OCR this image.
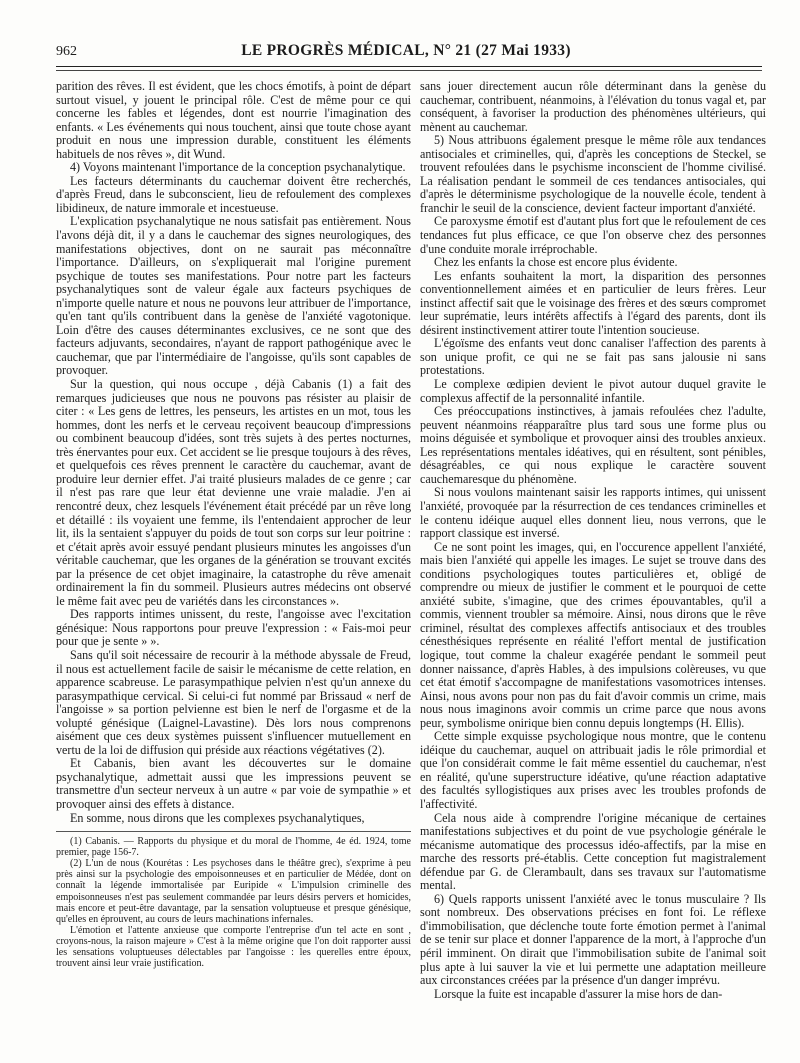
962	LE PROGRÈS MÉDICAL, N° 21 (27 Mai 1933)

parition des rêves. Il est évident, que les chocs émotifs, à point de départ surtout visuel, y jouent le principal rôle. C'est de même pour ce qui concerne les fables et légendes, dont est nourrie l'imagination des enfants. « Les événements qui nous touchent, ainsi que toute chose ayant produit en nous une impression durable, constituent les éléments habituels de nos rêves », dit Wund.

4) Voyons maintenant l'importance de la conception psychanalytique.

Les facteurs déterminants du cauchemar doivent être recherchés, d'après Freud, dans le subconscient, lieu de refoulement des complexes libidineux, de nature immorale et incestueuse.

L'explication psychanalytique ne nous satisfait pas entièrement. Nous l'avons déjà dit, il y a dans le cauchemar des signes neurologiques, des manifestations objectives, dont on ne saurait pas méconnaître l'importance. D'ailleurs, on s'expliquerait mal l'origine purement psychique de toutes ses manifestations. Pour notre part les facteurs psychanalytiques sont de valeur égale aux facteurs psychiques de n'importe quelle nature et nous ne pouvons leur attribuer de l'importance, qu'en tant qu'ils contribuent dans la genèse de l'anxiété vagotonique. Loin d'être des causes déterminantes exclusives, ce ne sont que des facteurs adjuvants, secondaires, n'ayant de rapport pathogénique avec le cauchemar, que par l'intermédiaire de l'angoisse, qu'ils sont capables de provoquer.

Sur la question, qui nous occupe , déjà Cabanis (1) a fait des remarques judicieuses que nous ne pouvons pas résister au plaisir de citer : « Les gens de lettres, les penseurs, les artistes en un mot, tous les hommes, dont les nerfs et le cerveau reçoivent beaucoup d'impressions ou combinent beaucoup d'idées, sont très sujets à des pertes nocturnes, très énervantes pour eux. Cet accident se lie presque toujours à des rêves, et quelquefois ces rêves prennent le caractère du cauchemar, avant de produire leur dernier effet. J'ai traité plusieurs malades de ce genre ; car il n'est pas rare que leur état devienne une vraie maladie. J'en ai rencontré deux, chez lesquels l'événement était précédé par un rêve long et détaillé : ils voyaient une femme, ils l'entendaient approcher de leur lit, ils la sentaient s'appuyer du poids de tout son corps sur leur poitrine : et c'était après avoir essuyé pendant plusieurs minutes les angoisses d'un véritable cauchemar, que les organes de la génération se trouvant excités par la présence de cet objet imaginaire, la catastrophe du rêve amenait ordinairement la fin du sommeil. Plusieurs autres médecins ont observé le même fait avec peu de variétés dans les circonstances ».

Des rapports intimes unissent, du reste, l'angoisse avec l'excitation génésique: Nous rapportons pour preuve l'expression : « Fais-moi peur pour que je sente » ».

Sans qu'il soit nécessaire de recourir à la méthode abyssale de Freud, il nous est actuellement facile de saisir le mécanisme de cette relation, en apparence scabreuse. Le parasympathique pelvien n'est qu'un annexe du parasympathique cervical. Si celui-ci fut nommé par Brissaud « nerf de l'angoisse » sa portion pelvienne est bien le nerf de l'orgasme et de la volupté génésique (Laignel-Lavastine). Dès lors nous comprenons aisément que ces deux systèmes puissent s'influencer mutuellement en vertu de la loi de diffusion qui préside aux réactions végétatives (2).

Et Cabanis, bien avant les découvertes sur le domaine psychanalytique, admettait aussi que les impressions peuvent se transmettre d'un secteur nerveux à un autre « par voie de sympathie » et provoquer ainsi des effets à distance.

En somme, nous dirons que les complexes psychanalytiques,

(1) Cabanis. — Rapports du physique et du moral de l'homme, 4e éd. 1924, tome premier, page 156-7.

(2) L'un de nous (Kourétas : Les psychoses dans le théâtre grec), s'exprime à peu près ainsi sur la psychologie des empoisonneuses et en particulier de Médée, dont on connaît la légende immortalisée par Euripide « L'impulsion criminelle des empoisonneuses n'est pas seulement commandée par leurs désirs pervers et homicides, mais encore et peut-être davantage, par la sensation voluptueuse et presque génésique, qu'elles en éprouvent, au cours de leurs machinations infernales.

L'émotion et l'attente anxieuse que comporte l'entreprise d'un tel acte en sont , croyons-nous, la raison majeure » C'est à la même origine que l'on doit rapporter aussi les sensations voluptueuses délectables par l'angoisse : les querelles entre époux, trouvent ainsi leur vraie justification.

sans jouer directement aucun rôle déterminant dans la genèse du cauchemar, contribuent, néanmoins, à l'élévation du tonus vagal et, par conséquent, à favoriser la production des phénomènes ultérieurs, qui mènent au cauchemar.

5) Nous attribuons également presque le même rôle aux tendances antisociales et criminelles, qui, d'après les conceptions de Steckel, se trouvent refoulées dans le psychisme inconscient de l'homme civilisé. La réalisation pendant le sommeil de ces tendances antisociales, qui d'après le déterminisme psychologique de la nouvelle école, tendent à franchir le seuil de la conscience, devient facteur important d'anxiété.

Ce paroxysme émotif est d'autant plus fort que le refoulement de ces tendances fut plus efficace, ce que l'on observe chez des personnes d'une conduite morale irréprochable.

Chez les enfants la chose est encore plus évidente.

Les enfants souhaitent la mort, la disparition des personnes conventionnellement aimées et en particulier de leurs frères. Leur instinct affectif sait que le voisinage des frères et des sœurs compromet leur suprématie, leurs intérêts affectifs à l'égard des parents, dont ils désirent instinctivement attirer toute l'intention soucieuse.

L'égoïsme des enfants veut donc canaliser l'affection des parents à son unique profit, ce qui ne se fait pas sans jalousie ni sans protestations.

Le complexe œdipien devient le pivot autour duquel gravite le complexus affectif de la personnalité infantile.

Ces préoccupations instinctives, à jamais refoulées chez l'adulte, peuvent néanmoins réapparaître plus tard sous une forme plus ou moins déguisée et symbolique et provoquer ainsi des troubles anxieux. Les représentations mentales idéatives, qui en résultent, sont pénibles, désagréables, ce qui nous explique le caractère souvent cauchemaresque du phénomène.

Si nous voulons maintenant saisir les rapports intimes, qui unissent l'anxiété, provoquée par la résurrection de ces tendances criminelles et le contenu idéique auquel elles donnent lieu, nous verrons, que le rapport classique est inversé.

Ce ne sont point les images, qui, en l'occurence appellent l'anxiété, mais bien l'anxiété qui appelle les images. Le sujet se trouve dans des conditions psychologiques toutes particulières et, obligé de comprendre ou mieux de justifier le comment et le pourquoi de cette anxiété subite, s'imagine, que des crimes épouvantables, qu'il a commis, viennent troubler sa mémoire. Ainsi, nous dirons que le rêve criminel, résultat des complexes affectifs antisociaux et des troubles cénesthésiques représente en réalité l'effort mental de justification logique, tout comme la chaleur exagérée pendant le sommeil peut donner naissance, d'après Hables, à des impulsions colèreuses, vu que cet état émotif s'accompagne de manifestations vasomotrices intenses. Ainsi, nous avons pour non pas du fait d'avoir commis un crime, mais nous nous imaginons avoir commis un crime parce que nous avons peur, symbolisme onirique bien connu depuis longtemps (H. Ellis).

Cette simple exquisse psychologique nous montre, que le contenu idéique du cauchemar, auquel on attribuait jadis le rôle primordial et que l'on considérait comme le fait même essentiel du cauchemar, n'est en réalité, qu'une superstructure idéative, qu'une réaction adaptative des facultés syllogistiques aux prises avec les troubles profonds de l'affectivité.

Cela nous aide à comprendre l'origine mécanique de certaines manifestations subjectives et du point de vue psychologie générale le mécanisme automatique des processus idéo-affectifs, par la mise en marche des ressorts pré-établis. Cette conception fut magistralement défendue par G. de Clerambault, dans ses travaux sur l'automatisme mental.

6) Quels rapports unissent l'anxiété avec le tonus musculaire ? Ils sont nombreux. Des observations précises en font foi. Le réflexe d'immobilisation, que déclenche toute forte émotion permet à l'animal de se tenir sur place et donner l'apparence de la mort, à l'approche d'un péril imminent. On dirait que l'immobilisation subite de l'animal soit plus apte à lui sauver la vie et lui permette une adaptation meilleure aux circonstances créées par la présence d'un danger imprévu.

Lorsque la fuite est incapable d'assurer la mise hors de dan-
